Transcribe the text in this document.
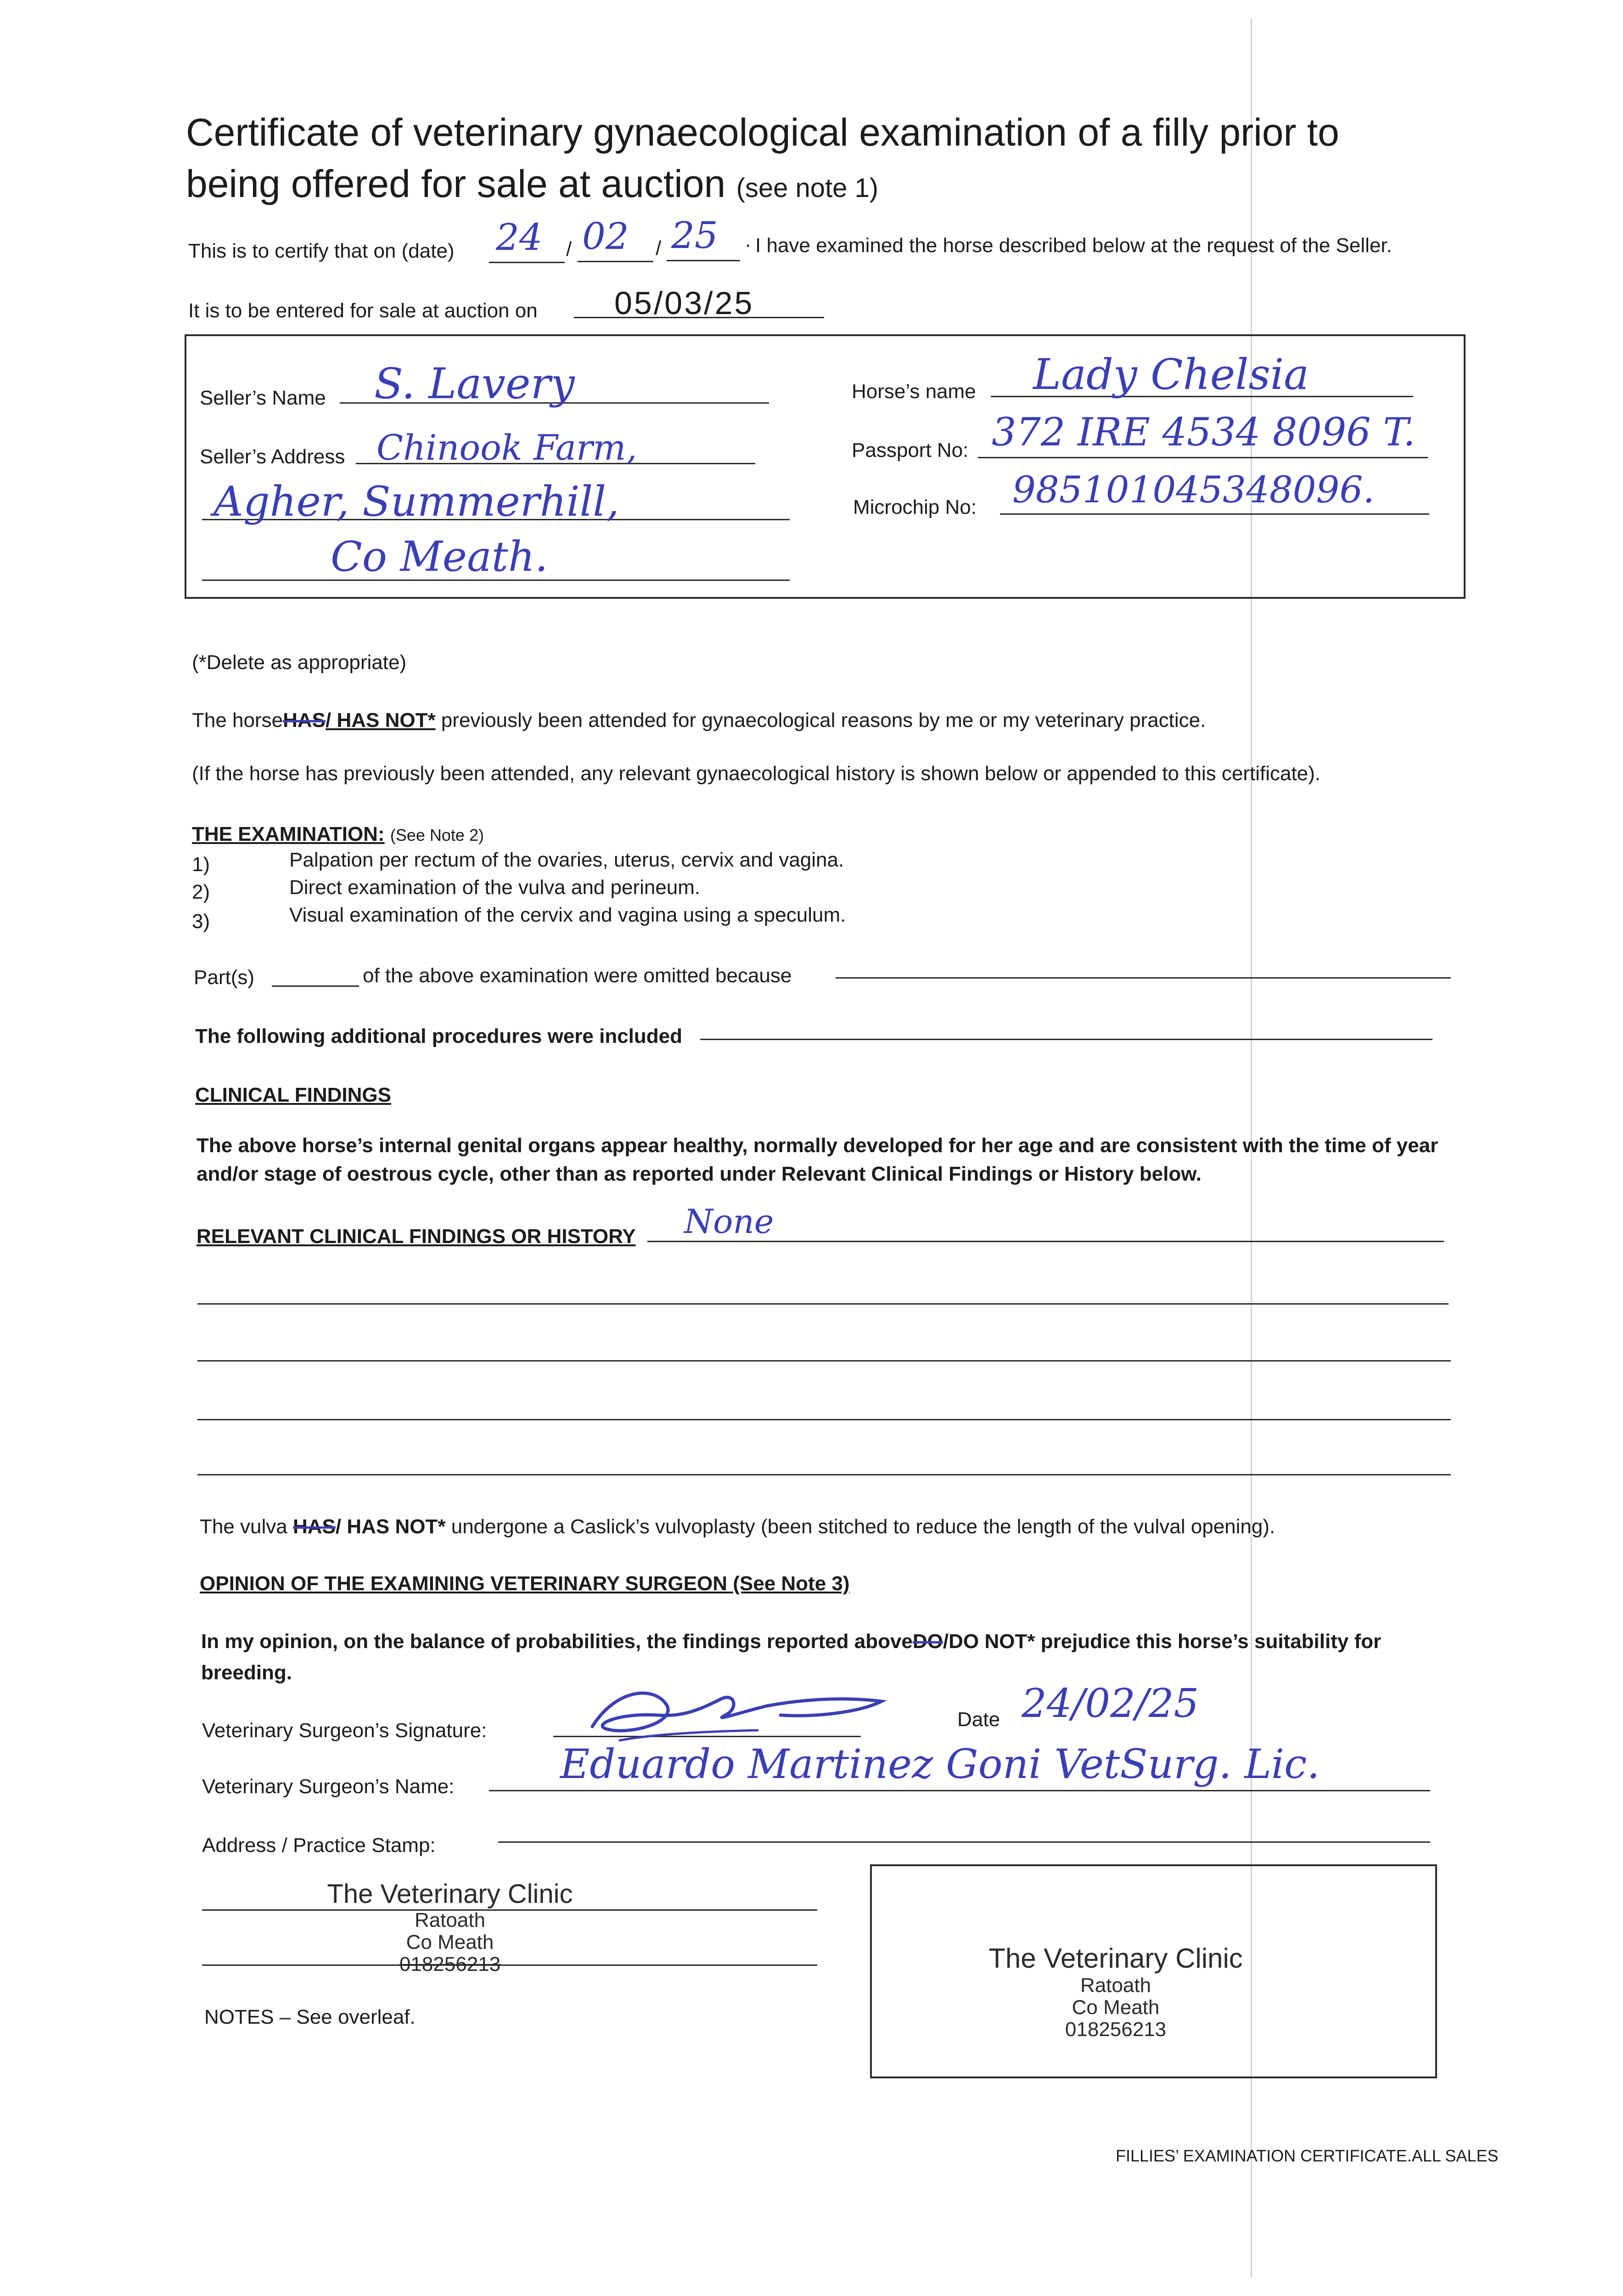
Certificate of veterinary gynaecological examination of a filly prior to
being offered for sale at auction (see note 1)
This is to certify that on (date) 24 / 02 / 25 · I have examined the horse described below at the request of the Seller.
It is to be entered for sale at auction on 05/03/25
Seller’s Name S. Lavery
Seller’s Address Chinook Farm,
Agher, Summerhill,
Co Meath.
Horse’s name Lady Chelsia
Passport No: 372 IRE 4534 8096 T.
Microchip No: 985101045348096.
(*Delete as appropriate)
The horseHAS/ HAS NOT* previously been attended for gynaecological reasons by me or my veterinary practice.
(If the horse has previously been attended, any relevant gynaecological history is shown below or appended to this certificate).
THE EXAMINATION: (See Note 2)
1)	Palpation per rectum of the ovaries, uterus, cervix and vagina.
2)	Direct examination of the vulva and perineum.
3)	Visual examination of the cervix and vagina using a speculum.
Part(s)	of the above examination were omitted because
The following additional procedures were included
CLINICAL FINDINGS
The above horse’s internal genital organs appear healthy, normally developed for her age and are consistent with the time of year
and/or stage of oestrous cycle, other than as reported under Relevant Clinical Findings or History below.
RELEVANT CLINICAL FINDINGS OR HISTORY None
The vulva HAS/ HAS NOT* undergone a Caslick’s vulvoplasty (been stitched to reduce the length of the vulval opening).
OPINION OF THE EXAMINING VETERINARY SURGEON (See Note 3)
In my opinion, on the balance of probabilities, the findings reported aboveDO/DO NOT* prejudice this horse’s suitability for
breeding.
Veterinary Surgeon’s Signature:	Date 24/02/25
Veterinary Surgeon’s Name:	Eduardo Martinez Goni VetSurg. Lic.
Address / Practice Stamp:
The Veterinary Clinic
Ratoath
Co Meath
018256213	The Veterinary Clinic
Ratoath
Co Meath
018256213
NOTES – See overleaf.
FILLIES’ EXAMINATION CERTIFICATE.ALL SALES
